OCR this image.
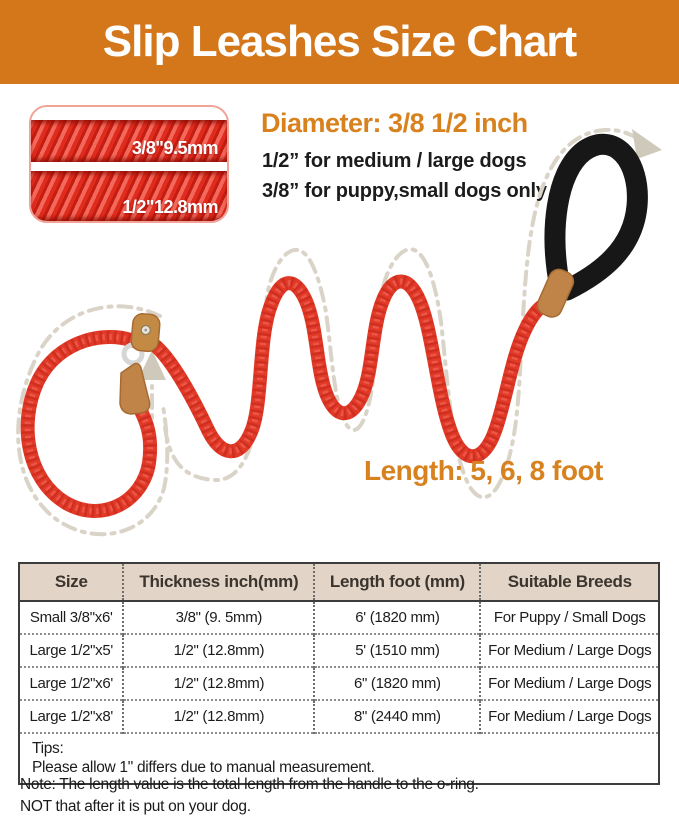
Slip Leashes Size Chart
3/8"9.5mm
1/2"12.8mm
Diameter: 3/8 1/2 inch
1/2” for medium / large dogs
3/8” for puppy,small dogs only
Length: 5, 6, 8 foot
Size	Thickness inch(mm)	Length foot (mm)	Suitable Breeds
Small 3/8"x6'	3/8" (9. 5mm)	6' (1820 mm)	For Puppy / Small Dogs
Large 1/2"x5'	1/2" (12.8mm)	5' (1510 mm)	For Medium / Large Dogs
Large 1/2"x6'	1/2" (12.8mm)	6" (1820 mm)	For Medium / Large Dogs
Large 1/2"x8'	1/2" (12.8mm)	8" (2440 mm)	For Medium / Large Dogs

Tips:
Please allow 1" differs due to manual measurement.			
Note: The length value is the total length from the handle to the o-ring.
NOT that after it is put on your dog.
